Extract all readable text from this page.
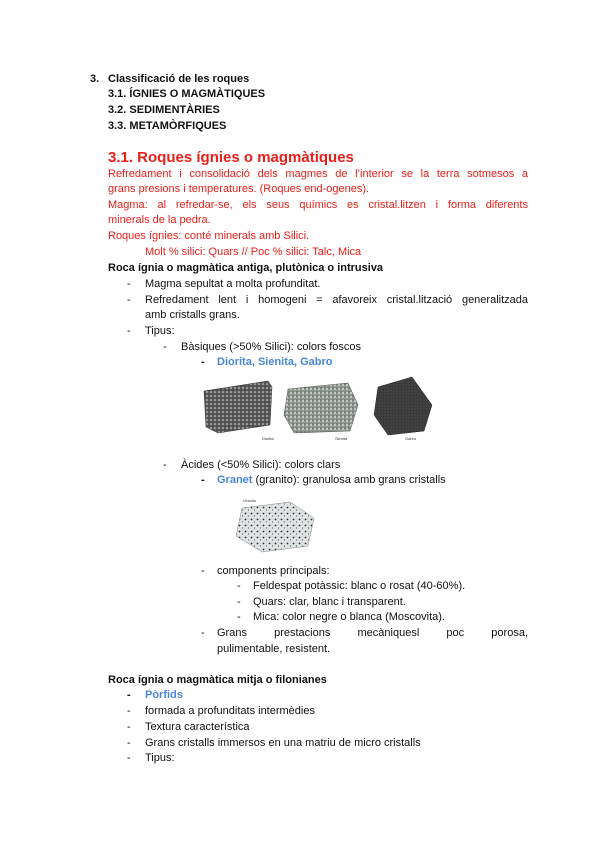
3. Classificació de les roques
3.1. ÍGNIES O MAGMÀTIQUES
3.2. SEDIMENTÀRIES
3.3. METAMÒRFIQUES
3.1. Roques ígnies o magmàtiques
Refredament i consolidació dels magmes de l’interior se la terra sotmesos a
grans presions i temperatures. (Roques end-ogenes).
Magma: al refredar-se, els seus químics es cristal.litzen i forma diferents
minerals de la pedra.
Roques ígnies: conté minerals amb Silici.
Molt % silici: Quars // Poc % silici: Talc, Mica
Roca ígnia o magmàtica antiga, plutònica o intrusiva
- Magma sepultat a molta profunditat.
- Refredament lent i homogeni = afavoreix cristal.lització generalitzada
amb cristalls grans.
- Tipus:
- Bàsiques (>50% Silici): colors foscos
- Diorita, Sienita, Gabro
Diorita	Sienita	Gabro
- Àcides (<50% Silici): colors clars
- Granet (granito): granulosa amb grans cristalls
Granito
- components principals:
- Feldespat potàssic: blanc o rosat (40-60%).
- Quars: clar, blanc i transparent.
- Mica: color negre o blanca (Moscovita).
- Grans prestacions mecàniquesl poc porosa,
pulimentable, resistent.
Roca ígnia o magmàtica mitja o filonianes
- Pòrfids
- formada a profunditats intermèdies
- Textura característica
- Grans cristalls immersos en una matriu de micro cristalls
- Tipus:
